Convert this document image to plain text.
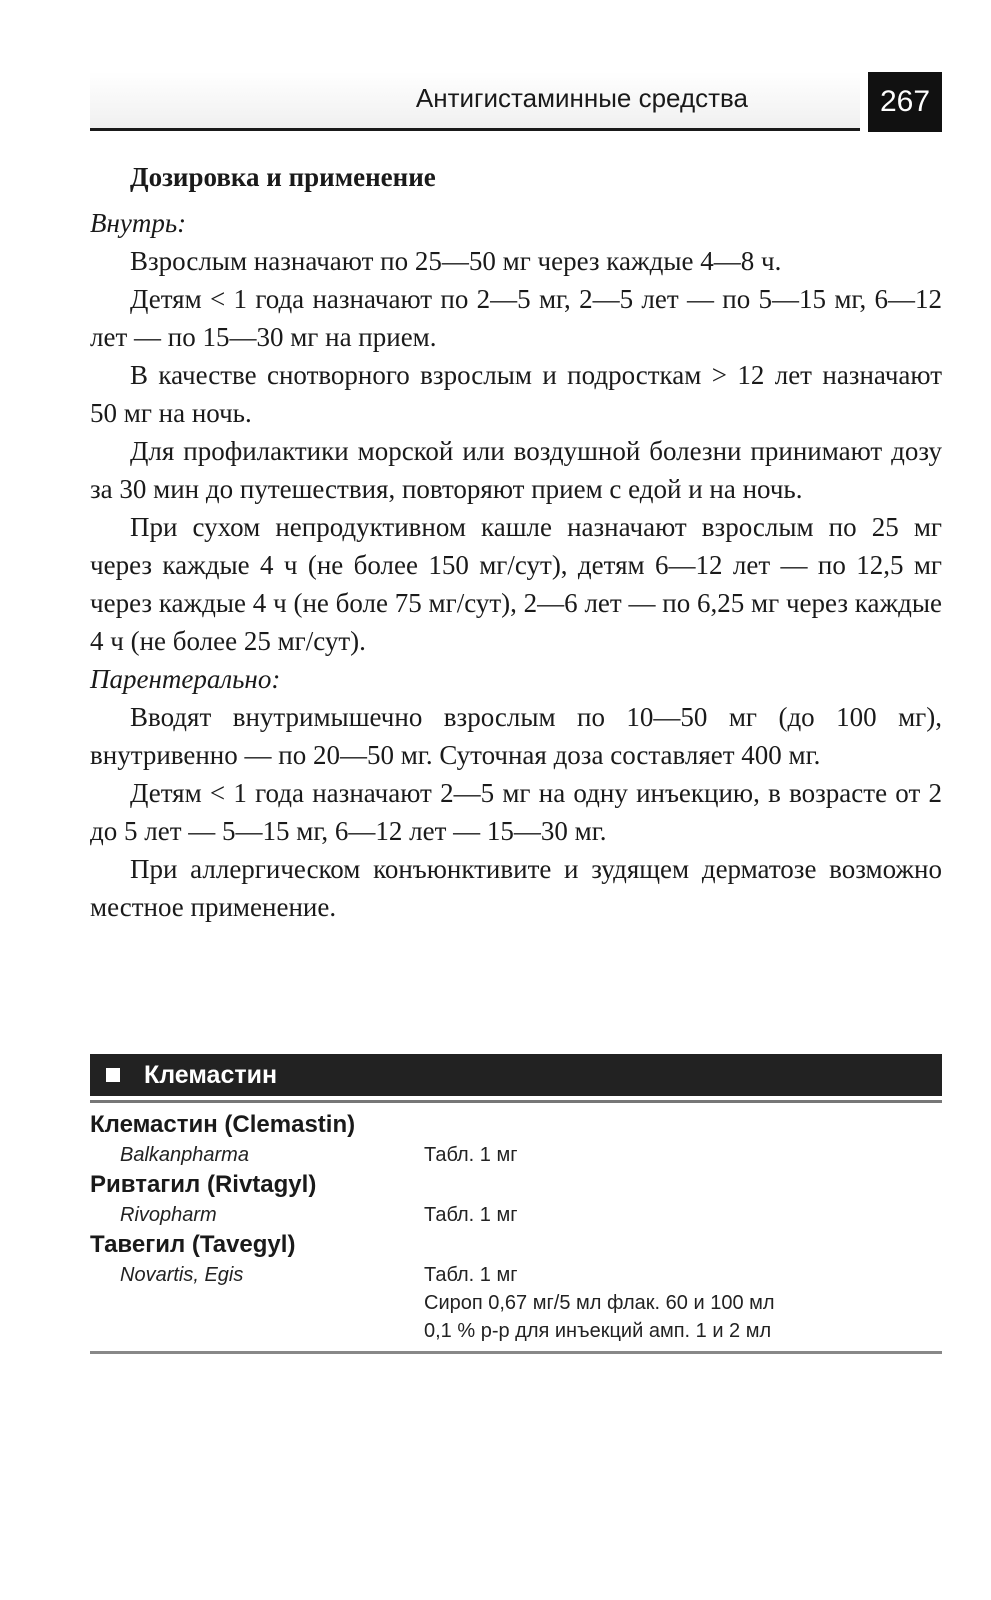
Антигистаминные средства	267
Дозировка и применение
Внутрь:

Взрослым назначают по 25—50 мг через каждые 4—8 ч.

Детям < 1 года назначают по 2—5 мг, 2—5 лет — по 5—15 мг, 6—12 лет — по 15—30 мг на прием.

В качестве снотворного взрослым и подросткам > 12 лет назначают 50 мг на ночь.

Для профилактики морской или воздушной болезни принимают дозу за 30 мин до путешествия, повторяют прием с едой и на ночь.

При сухом непродуктивном кашле назначают взрослым по 25 мг через каждые 4 ч (не более 150 мг/сут), детям 6—12 лет — по 12,5 мг через каждые 4 ч (не боле 75 мг/сут), 2—6 лет — по 6,25 мг через каждые 4 ч (не более 25 мг/сут).

Парентерально:

Вводят внутримышечно взрослым по 10—50 мг (до 100 мг), внутривенно — по 20—50 мг. Суточная доза составляет 400 мг.

Детям < 1 года назначают 2—5 мг на одну инъекцию, в возрасте от 2 до 5 лет — 5—15 мг, 6—12 лет — 15—30 мг.

При аллергическом конъюнктивите и зудящем дерматозе возможно местное применение.

Клемастин
Клемастин (Clemastin)
Balkanpharma	Табл. 1 мг
Ривтагил (Rivtagyl)
Rivopharm	Табл. 1 мг
Тавегил (Tavegyl)
Novartis, Egis	Табл. 1 мг
Сироп 0,67 мг/5 мл флак. 60 и 100 мл
0,1 % р-р для инъекций амп. 1 и 2 мл
